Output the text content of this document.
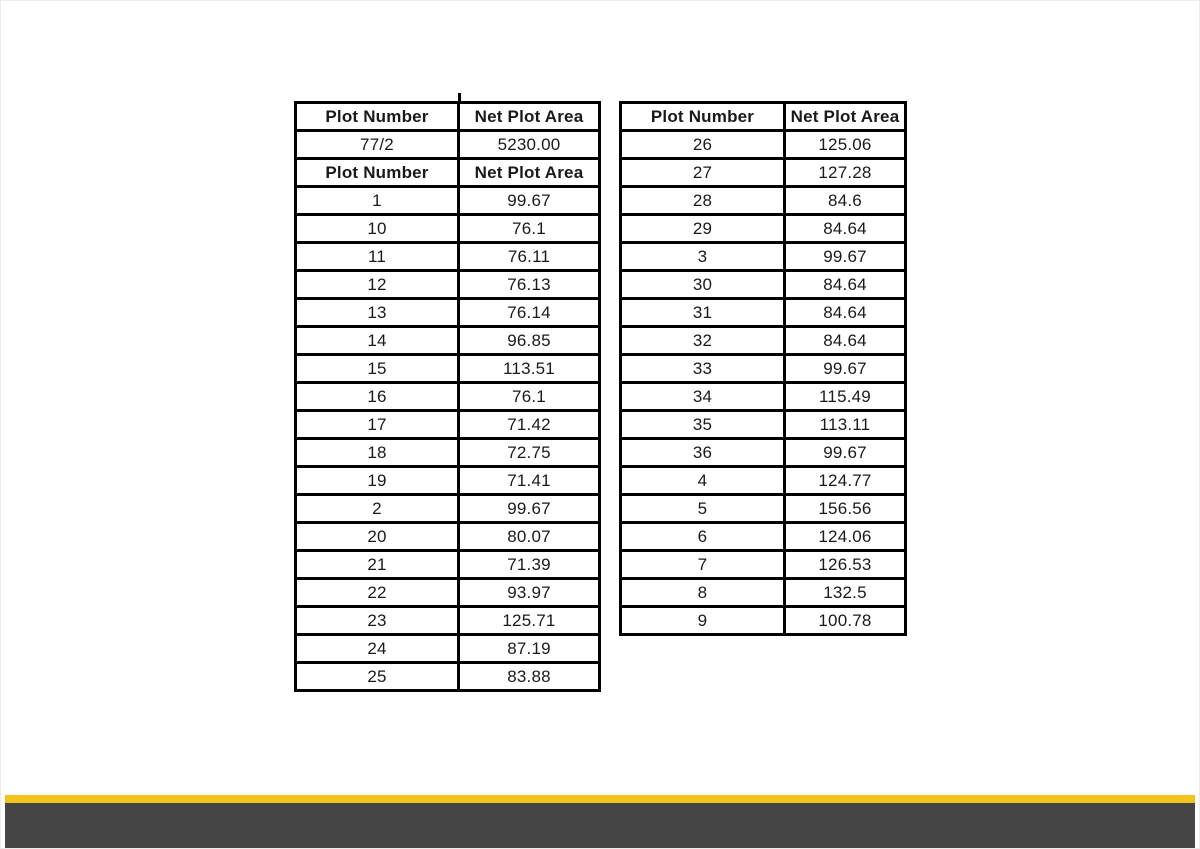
Plot Number	Net Plot Area
77/2	5230.00
Plot Number	Net Plot Area
1	99.67
10	76.1
11	76.11
12	76.13
13	76.14
14	96.85
15	113.51
16	76.1
17	71.42
18	72.75
19	71.41
2	99.67
20	80.07
21	71.39
22	93.97
23	125.71
24	87.19
25	83.88
Plot Number	Net Plot Area
26	125.06
27	127.28
28	84.6
29	84.64
3	99.67
30	84.64
31	84.64
32	84.64
33	99.67
34	115.49
35	113.11
36	99.67
4	124.77
5	156.56
6	124.06
7	126.53
8	132.5
9	100.78
